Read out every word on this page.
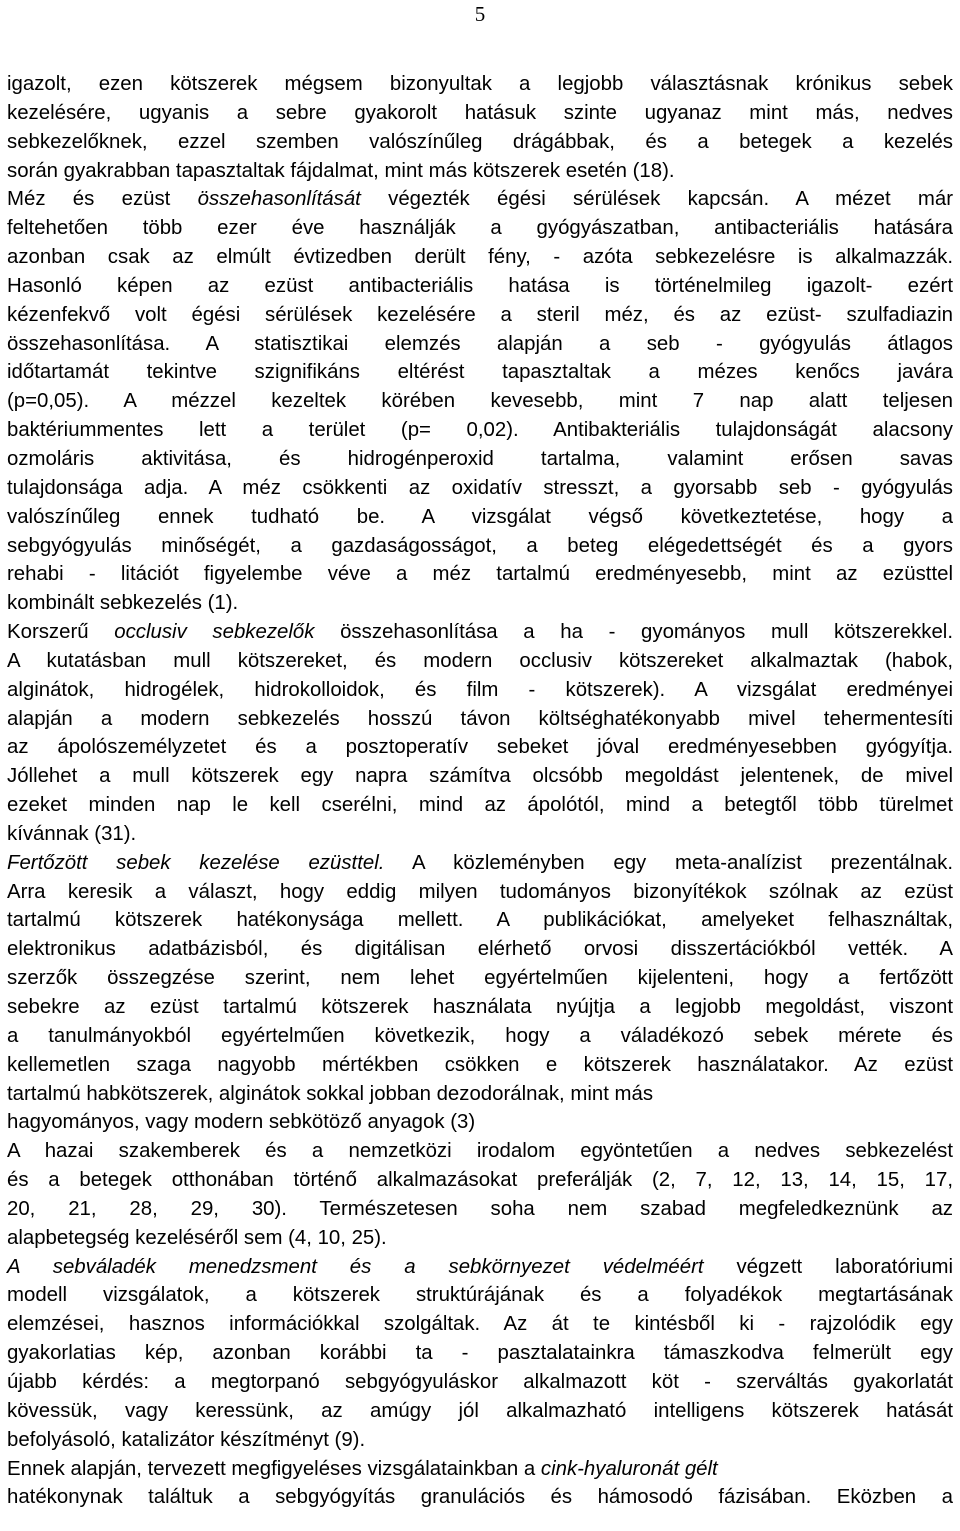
5
igazolt, ezen kötszerek mégsem bizonyultak a legjobb választásnak krónikus sebek
kezelésére, ugyanis a sebre gyakorolt hatásuk szinte ugyanaz mint más, nedves
sebkezelőknek, ezzel szemben valószínűleg drágábbak, és a betegek a kezelés
során gyakrabban tapasztaltak fájdalmat, mint más kötszerek esetén (18).
Méz és ezüst összehasonlítását végezték égési sérülések kapcsán. A mézet már
feltehetően több ezer éve használják a gyógyászatban, antibacteriális hatására
azonban csak az elmúlt évtizedben derült fény, - azóta sebkezelésre is alkalmazzák.
Hasonló képen az ezüst antibacteriális hatása is történelmileg igazolt- ezért
kézenfekvő volt égési sérülések kezelésére a steril méz, és az ezüst- szulfadiazin
összehasonlítása. A statisztikai elemzés alapján a seb - gyógyulás átlagos
időtartamát tekintve szignifikáns eltérést tapasztaltak a mézes kenőcs javára
(p=0,05). A mézzel kezeltek körében kevesebb, mint 7 nap alatt teljesen
baktériummentes lett a terület (p= 0,02). Antibakteriális tulajdonságát alacsony
ozmoláris aktivitása, és hidrogénperoxid tartalma, valamint erősen savas
tulajdonsága adja. A méz csökkenti az oxidatív stresszt, a gyorsabb seb - gyógyulás
valószínűleg ennek tudható be. A vizsgálat végső következtetése, hogy a
sebgyógyulás minőségét, a gazdaságosságot, a beteg elégedettségét és a gyors
rehabi - litációt figyelembe véve a méz tartalmú eredményesebb, mint az ezüsttel
kombinált sebkezelés (1).
Korszerű occlusiv sebkezelők összehasonlítása a ha - gyományos mull kötszerekkel.
A kutatásban mull kötszereket, és modern occlusiv kötszereket alkalmaztak (habok,
alginátok, hidrogélek, hidrokolloidok, és film - kötszerek). A vizsgálat eredményei
alapján a modern sebkezelés hosszú távon költséghatékonyabb mivel tehermentesíti
az ápolószemélyzetet és a posztoperatív sebeket jóval eredményesebben gyógyítja.
Jóllehet a mull kötszerek egy napra számítva olcsóbb megoldást jelentenek, de mivel
ezeket minden nap le kell cserélni, mind az ápolótól, mind a betegtől több türelmet
kívánnak (31).
Fertőzött sebek kezelése ezüsttel. A közleményben egy meta-analízist prezentálnak.
Arra keresik a választ, hogy eddig milyen tudományos bizonyítékok szólnak az ezüst
tartalmú kötszerek hatékonysága mellett. A publikációkat, amelyeket felhasználtak,
elektronikus adatbázisból, és digitálisan elérhető orvosi disszertációkból vették. A
szerzők összegzése szerint, nem lehet egyértelműen kijelenteni, hogy a fertőzött
sebekre az ezüst tartalmú kötszerek használata nyújtja a legjobb megoldást, viszont
a tanulmányokból egyértelműen következik, hogy a váladékozó sebek mérete és
kellemetlen szaga nagyobb mértékben csökken e kötszerek használatakor. Az ezüst
tartalmú habkötszerek, alginátok sokkal jobban dezodorálnak, mint más
hagyományos, vagy modern sebkötöző anyagok (3)
A hazai szakemberek és a nemzetközi irodalom egyöntetűen a nedves sebkezelést
és a betegek otthonában történő alkalmazásokat preferálják (2, 7, 12, 13, 14, 15, 17,
20, 21, 28, 29, 30). Természetesen soha nem szabad megfeledkeznünk az
alapbetegség kezeléséről sem (4, 10, 25).
A sebváladék menedzsment és a sebkörnyezet védelméért végzett laboratóriumi
modell vizsgálatok, a kötszerek struktúrájának és a folyadékok megtartásának
elemzései, hasznos információkkal szolgáltak. Az át te kintésből ki - rajzolódik egy
gyakorlatias kép, azonban korábbi ta - pasztalatainkra támaszkodva felmerült egy
újabb kérdés: a megtorpanó sebgyógyuláskor alkalmazott köt - szerváltás gyakorlatát
kövessük, vagy keressünk, az amúgy jól alkalmazható intelligens kötszerek hatását
befolyásoló, katalizátor készítményt (9).
Ennek alapján, tervezett megfigyeléses vizsgálatainkban a cink-hyaluronát gélt
hatékonynak találtuk a sebgyógyítás granulációs és hámosodó fázisában. Eközben a
